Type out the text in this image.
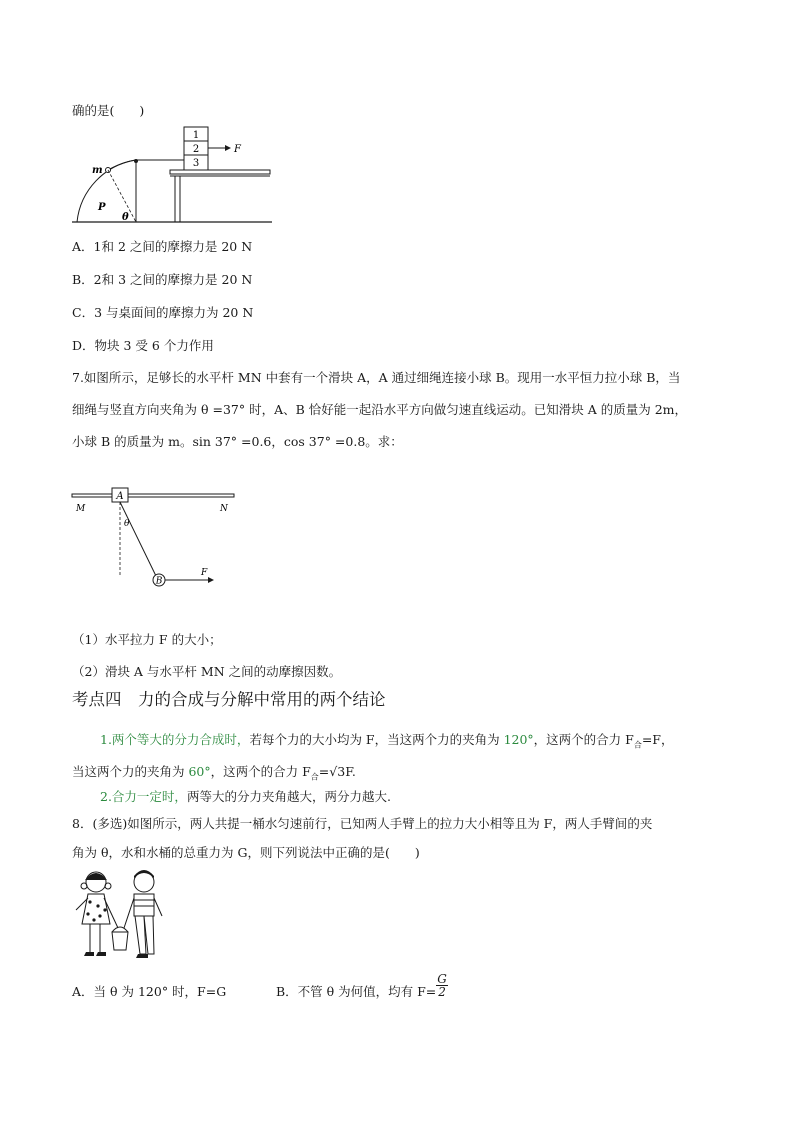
确的是(　　)
1
2
3
F
m
P
θ
A．1和 2 之间的摩擦力是 20 N
B．2和 3 之间的摩擦力是 20 N
C．3 与桌面间的摩擦力为 20 N
D．物块 3 受 6 个力作用
7.如图所示，足够长的水平杆 MN 中套有一个滑块 A，A 通过细绳连接小球 B。现用一水平恒力拉小球 B，当
细绳与竖直方向夹角为 θ =37° 时，A、B 恰好能一起沿水平方向做匀速直线运动。已知滑块 A 的质量为 2m，
小球 B 的质量为 m。sin 37° =0.6，cos 37° =0.8。求：
A
M	N
θ
B
F
（1）水平拉力 F 的大小；
（2）滑块 A 与水平杆 MN 之间的动摩擦因数。
考点四　力的合成与分解中常用的两个结论
1.两个等大的分力合成时，若每个力的大小均为 F，当这两个力的夹角为 120°，这两个的合力 $F_合=F$，
当这两个力的夹角为 60°，这两个的合力 $F_合=√3F$.
2.合力一定时，两等大的分力夹角越大，两分力越大.
8．(多选)如图所示，两人共提一桶水匀速前行，已知两人手臂上的拉力大小相等且为 F，两人手臂间的夹
角为 θ，水和水桶的总重力为 G，则下列说法中正确的是(　　)
A．当 θ 为 120° 时，F=G	B．不管 θ 为何值，均有 $F= \frac{G}{2}$
